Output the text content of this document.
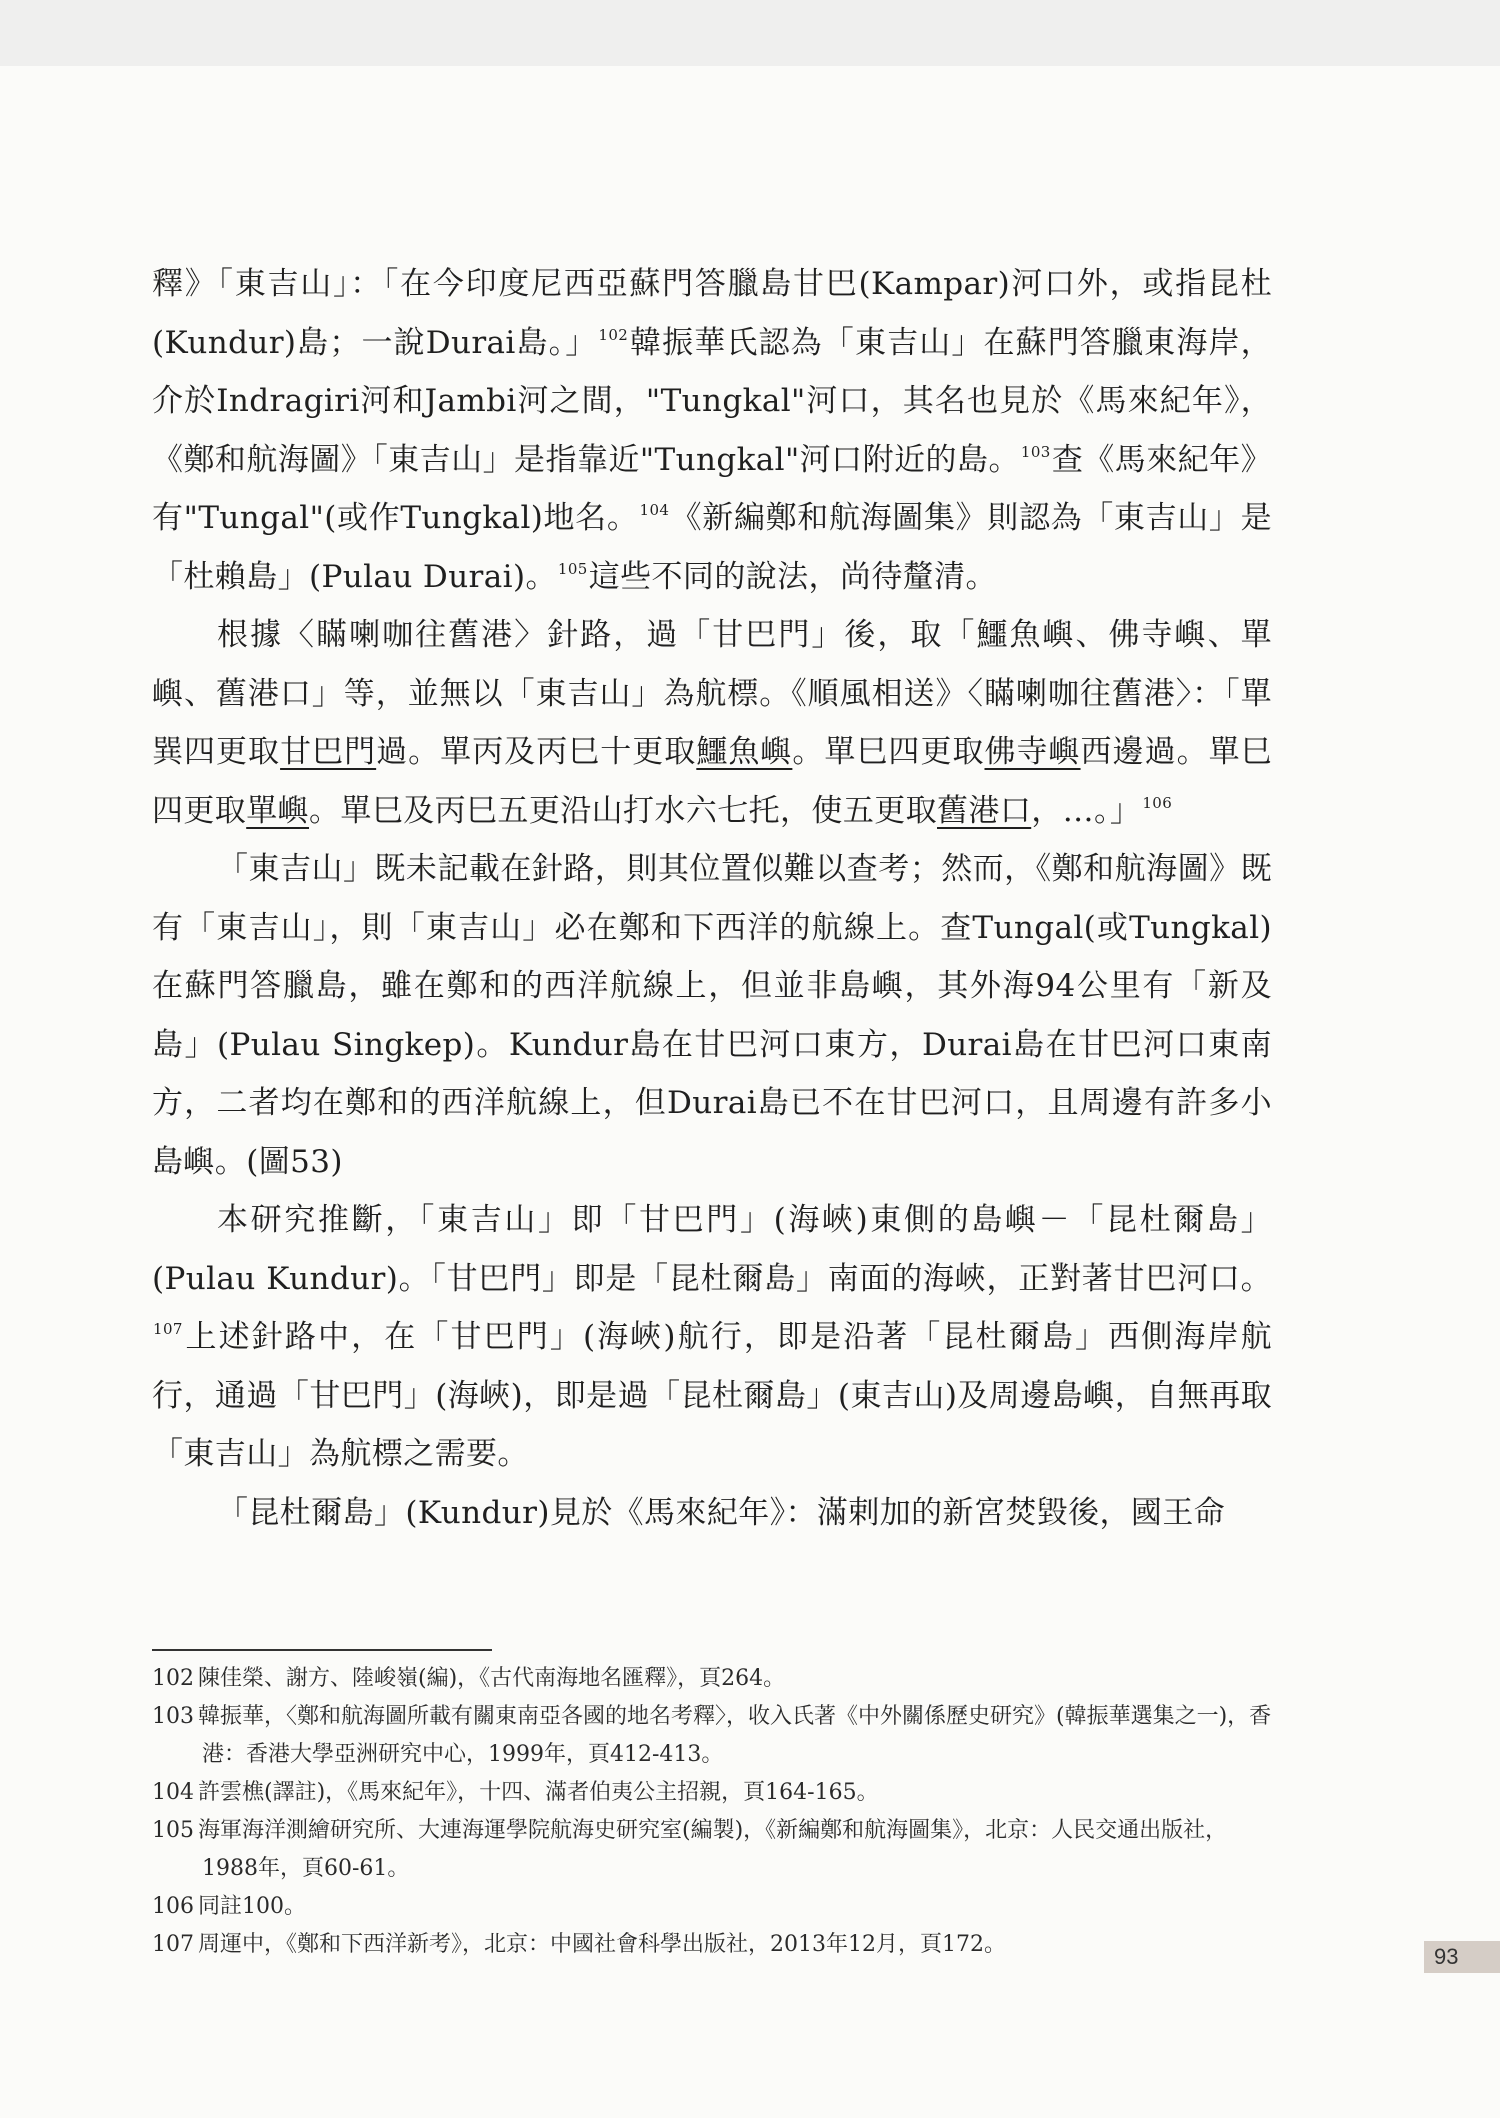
釋》「東吉山」：「在今印度尼西亞蘇門答臘島甘巴(Kampar)河口外，或指昆杜(Kundur)島；一說Durai島。」$^{102}$韓振華氏認為「東吉山」在蘇門答臘東海岸，介於Indragiri河和Jambi河之間，"Tungkal"河口，其名也見於《馬來紀年》，《鄭和航海圖》「東吉山」是指靠近"Tungkal"河口附近的島。$^{103}$查《馬來紀年》有"Tungal"(或作Tungkal)地名。$^{104}$《新編鄭和航海圖集》則認為「東吉山」是「杜賴島」(Pulau Durai)。$^{105}$這些不同的說法，尚待釐清。

根據〈瞞喇咖往舊港〉針路，過「甘巴門」後，取「鱷魚嶼、佛寺嶼、單嶼、舊港口」等，並無以「東吉山」為航標。《順風相送》〈瞞喇咖往舊港〉：「單巽四更取甘巴門過。單丙及丙巳十更取鱷魚嶼。單巳四更取佛寺嶼西邊過。單巳四更取單嶼。單巳及丙巳五更沿山打水六七托，使五更取舊港口，…。」$^{106}$

「東吉山」既未記載在針路，則其位置似難以查考；然而，《鄭和航海圖》既有「東吉山」，則「東吉山」必在鄭和下西洋的航線上。查Tungal(或Tungkal)在蘇門答臘島，雖在鄭和的西洋航線上，但並非島嶼，其外海94公里有「新及島」(Pulau Singkep)。Kundur島在甘巴河口東方，Durai島在甘巴河口東南方，二者均在鄭和的西洋航線上，但Durai島已不在甘巴河口，且周邊有許多小島嶼。(圖53)

本研究推斷，「東吉山」即「甘巴門」(海峽)東側的島嶼－「昆杜爾島」(Pulau Kundur)。「甘巴門」即是「昆杜爾島」南面的海峽，正對著甘巴河口。$^{107}$上述針路中，在「甘巴門」(海峽)航行，即是沿著「昆杜爾島」西側海岸航行，通過「甘巴門」(海峽)，即是過「昆杜爾島」(東吉山)及周邊島嶼，自無再取「東吉山」為航標之需要。

「昆杜爾島」(Kundur)見於《馬來紀年》：滿剌加的新宮焚毀後，國王命

102 陳佳榮、謝方、陸峻嶺(編)，《古代南海地名匯釋》，頁264。
103 韓振華，〈鄭和航海圖所載有關東南亞各國的地名考釋〉，收入氏著《中外關係歷史研究》(韓振華選集之一)，香港：香港大學亞洲研究中心，1999年，頁412-413。
104 許雲樵(譯註)，《馬來紀年》，十四、滿者伯夷公主招親，頁164-165。
105 海軍海洋測繪研究所、大連海運學院航海史研究室(編製)，《新編鄭和航海圖集》，北京：人民交通出版社，1988年，頁60-61。
106 同註100。
107 周運中，《鄭和下西洋新考》，北京：中國社會科學出版社，2013年12月，頁172。	93
